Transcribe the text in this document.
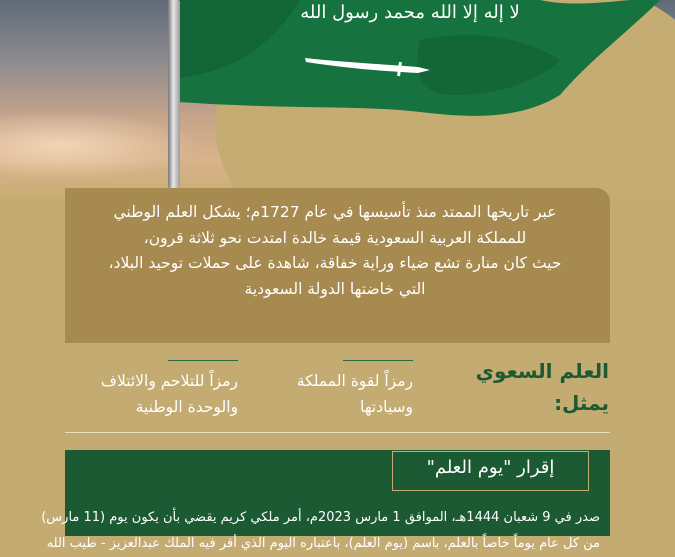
لا إله إلا الله محمد رسول الله
عبر تاريخها الممتد منذ تأسيسها في عام 1727م؛ يشكل العلم الوطني
للمملكة العربية السعودية قيمة خالدة امتدت نحو ثلاثة قرون،
حيث كان منارة تشع ضياء وراية خفاقة، شاهدة على حملات توحيد البلاد،
التي خاضتها الدولة السعودية
العلم السعوي
يمثل:
رمزاً لقوة المملكة
وسيادتها
رمزاً للتلاحم والائتلاف
والوحدة الوطنية
إقرار "يوم العلم"
صدر في 9 شعبان 1444هـ، الموافق 1 مارس 2023م، أمر ملكي كريم يقضي بأن يكون يوم (11 مارس)
من كل عام يوماً خاصاً بالعلم، باسم (يوم العلم)، باعتباره اليوم الذي أقر فيه الملك عبدالعزيز - طيب الله
